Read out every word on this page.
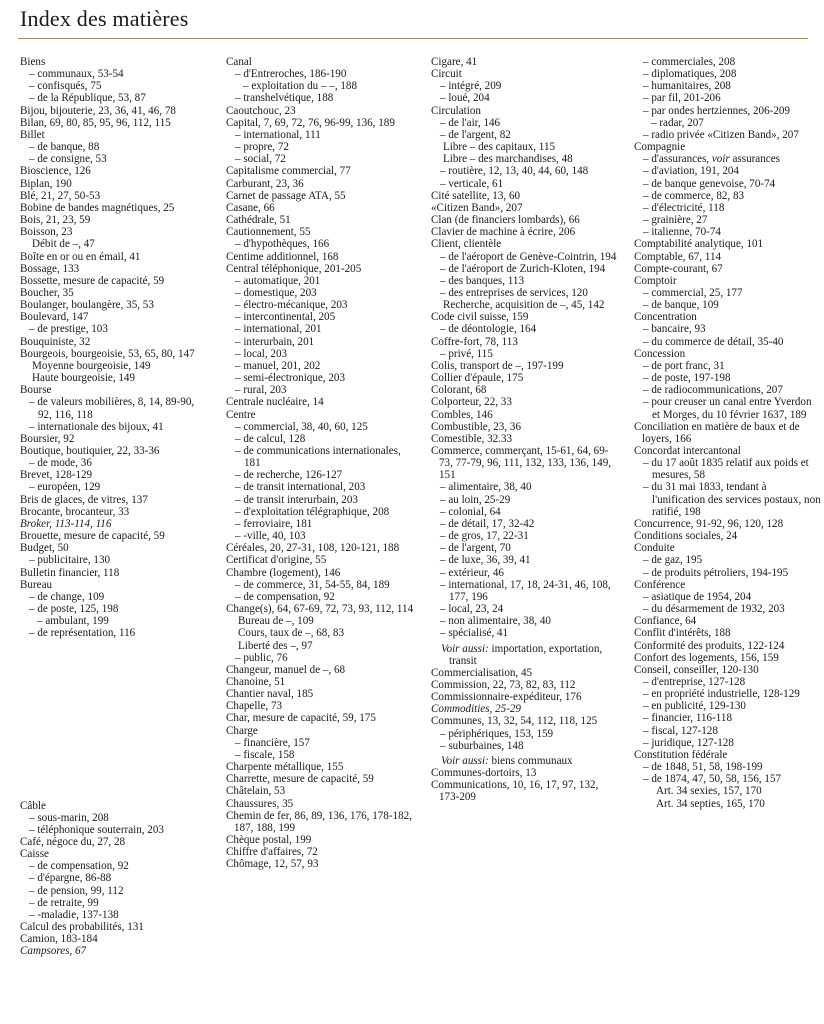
Index des matières
Biens
– communaux, 53-54
– confisqués, 75
– de la République, 53, 87
Bijou, bijouterie, 23, 36, 41, 46, 78
Bilan, 69, 80, 85, 95, 96, 112, 115
Billet
– de banque, 88
– de consigne, 53
Bioscience, 126
Biplan, 190
Blé, 21, 27, 50-53
Bobine de bandes magnétiques, 25
Bois, 21, 23, 59
Boisson, 23
Débit de –, 47
Boîte en or ou en émail, 41
Bossage, 133
Bossette, mesure de capacité, 59
Boucher, 35
Boulanger, boulangère, 35, 53
Boulevard, 147
– de prestige, 103
Bouquiniste, 32
Bourgeois, bourgeoisie, 53, 65, 80, 147
Moyenne bourgeoisie, 149
Haute bourgeoisie, 149
Bourse
– de valeurs mobilières, 8, 14, 89-90, 92, 116, 118
– internationale des bijoux, 41
Boursier, 92
Boutique, boutiquier, 22, 33-36
– de mode, 36
Brevet, 128-129
– européen, 129
Bris de glaces, de vitres, 137
Brocante, brocanteur, 33
Broker, 113-114, 116
Brouette, mesure de capacité, 59
Budget, 50
– publicitaire, 130
Bulletin financier, 118
Bureau
– de change, 109
– de poste, 125, 198
– ambulant, 199
– de représentation, 116
Câble
– sous-marin, 208
– téléphonique souterrain, 203
Café, négoce du, 27, 28
Caisse
– de compensation, 92
– d'épargne, 86-88
– de pension, 99, 112
– de retraite, 99
– -maladie, 137-138
Calcul des probabilités, 131
Camion, 183-184
Campsores, 67
Canal
– d'Entreroches, 186-190
– exploitation du – –, 188
– transhelvétique, 188
Caoutchouc, 23
Capital, 7, 69, 72, 76, 96-99, 136, 189
– international, 111
– propre, 72
– social, 72
Capitalisme commercial, 77
Carburant, 23, 36
Carnet de passage ATA, 55
Casane, 66
Cathédrale, 51
Cautionnement, 55
– d'hypothèques, 166
Centime additionnel, 168
Central téléphonique, 201-205
– automatique, 201
– domestique, 203
– électro-mécanique, 203
– intercontinental, 205
– international, 201
– interurbain, 201
– local, 203
– manuel, 201, 202
– semi-électronique, 203
– rural, 203
Centrale nucléaire, 14
Centre
– commercial, 38, 40, 60, 125
– de calcul, 128
– de communications internationales, 181
– de recherche, 126-127
– de transit international, 203
– de transit interurbain, 203
– d'exploitation télégraphique, 208
– ferroviaire, 181
– -ville, 40, 103
Céréales, 20, 27-31, 108, 120-121, 188
Certificat d'origine, 55
Chambre (logement), 146
– de commerce, 31, 54-55, 84, 189
– de compensation, 92
Change(s), 64, 67-69, 72, 73, 93, 112, 114
Bureau de –, 109
Cours, taux de –, 68, 83
Liberté des –, 97
– public, 76
Changeur, manuel de –, 68
Chanoine, 51
Chantier naval, 185
Chapelle, 73
Char, mesure de capacité, 59, 175
Charge
– financière, 157
– fiscale, 158
Charpente métallique, 155
Charrette, mesure de capacité, 59
Châtelain, 53
Chaussures, 35
Chemin de fer, 86, 89, 136, 176, 178-182, 187, 188, 199
Chèque postal, 199
Chiffre d'affaires, 72
Chômage, 12, 57, 93
Cigare, 41
Circuit
– intégré, 209
– loué, 204
Circulation
– de l'air, 146
– de l'argent, 82
Libre – des capitaux, 115
Libre – des marchandises, 48
– routière, 12, 13, 40, 44, 60, 148
– verticale, 61
Cité satellite, 13, 60
«Citizen Band», 207
Clan (de financiers lombards), 66
Clavier de machine à écrire, 206
Client, clientèle
– de l'aéroport de Genève-Cointrin, 194
– de l'aéroport de Zurich-Kloten, 194
– des banques, 113
– des entreprises de services, 120
Recherche, acquisition de –, 45, 142
Code civil suisse, 159
– de déontologie, 164
Coffre-fort, 78, 113
– privé, 115
Colis, transport de –, 197-199
Collier d'épaule, 175
Colorant, 68
Colporteur, 22, 33
Combles, 146
Combustible, 23, 36
Comestible, 32.33
Commerce, commerçant, 15-61, 64, 69-73, 77-79, 96, 111, 132, 133, 136, 149, 151
– alimentaire, 38, 40
– au loin, 25-29
– colonial, 64
– de détail, 17, 32-42
– de gros, 17, 22-31
– de l'argent, 70
– de luxe, 36, 39, 41
– extérieur, 46
– international, 17, 18, 24-31, 46, 108, 177, 196
– local, 23, 24
– non alimentaire, 38, 40
– spécialisé, 41
Voir aussi: importation, exportation, transit
Commercialisation, 45
Commission, 22, 73, 82, 83, 112
Commissionnaire-expéditeur, 176
Commodities, 25-29
Communes, 13, 32, 54, 112, 118, 125
– périphériques, 153, 159
– suburbaines, 148
Voir aussi: biens communaux
Communes-dortoirs, 13
Communications, 10, 16, 17, 97, 132, 173-209
– commerciales, 208
– diplomatiques, 208
– humanitaires, 208
– par fil, 201-206
– par ondes hertziennes, 206-209
– radar, 207
– radio privée «Citizen Band», 207
Compagnie
– d'assurances, voir assurances
– d'aviation, 191, 204
– de banque genevoise, 70-74
– de commerce, 82, 83
– d'électricité, 118
– grainière, 27
– italienne, 70-74
Comptabilité analytique, 101
Comptable, 67, 114
Compte-courant, 67
Comptoir
– commercial, 25, 177
– de banque, 109
Concentration
– bancaire, 93
– du commerce de détail, 35-40
Concession
– de port franc, 31
– de poste, 197-198
– de radiocommunications, 207
– pour creuser un canal entre Yverdon et Morges, du 10 février 1637, 189
Conciliation en matière de baux et de loyers, 166
Concordat intercantonal
– du 17 août 1835 relatif aux poids et mesures, 58
– du 31 mai 1833, tendant à l'unification des services postaux, non ratifié, 198
Concurrence, 91-92, 96, 120, 128
Conditions sociales, 24
Conduite
– de gaz, 195
– de produits pétroliers, 194-195
Conférence
– asiatique de 1954, 204
– du désarmement de 1932, 203
Confiance, 64
Conflit d'intérêts, 188
Conformité des produits, 122-124
Confort des logements, 156, 159
Conseil, conseiller, 120-130
– d'entreprise, 127-128
– en propriété industrielle, 128-129
– en publicité, 129-130
– financier, 116-118
– fiscal, 127-128
– juridique, 127-128
Constitution fédérale
– de 1848, 51, 58, 198-199
– de 1874, 47, 50, 58, 156, 157
Art. 34 sexies, 157, 170
Art. 34 septies, 165, 170
